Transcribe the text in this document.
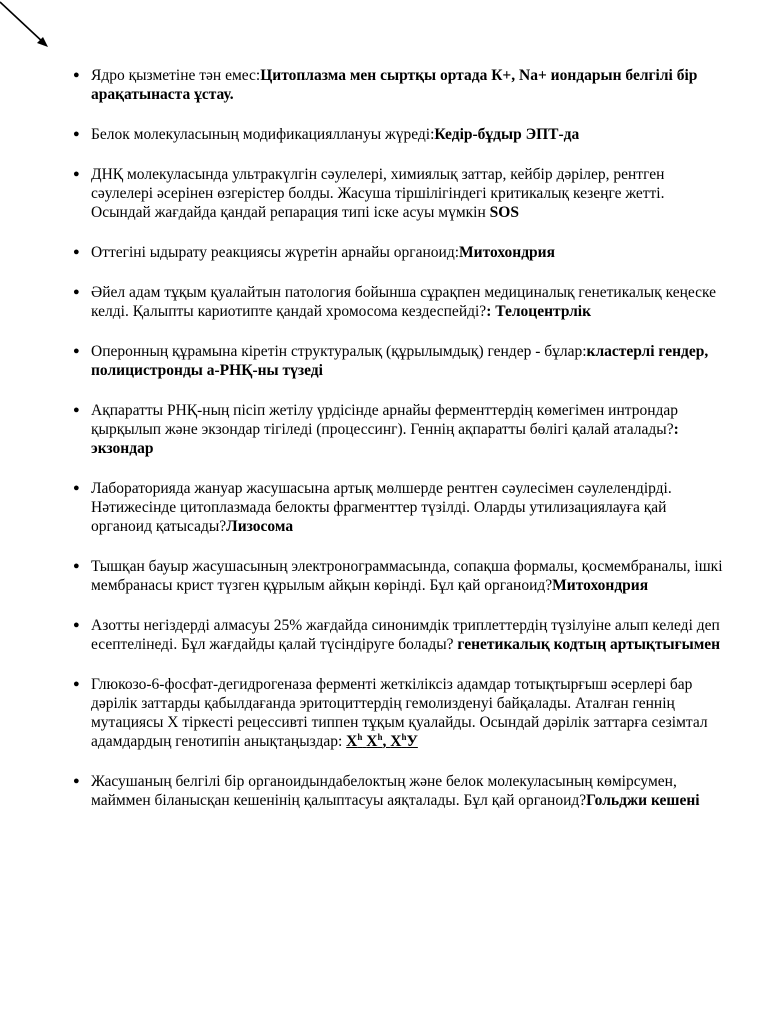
● Ядро қызметіне тән емес:Цитоплазма мен сыртқы ортада К+, Na+ иондарын белгілі бір арақатынаста ұстау.
● Белок молекуласының модификацияллануы жүреді:Кедір-бұдыр ЭПТ-да
● ДНҚ молекуласында ультракүлгін сәулелері, химиялық заттар, кейбір дәрілер, рентген сәулелері әсерінен өзгерістер болды. Жасуша тіршілігіндегі критикалық кезеңге жетті. Осындай жағдайда қандай репарация типі іске асуы мүмкін SOS
● Оттегіні ыдырату реакциясы жүретін арнайы органоид:Митохондрия
● Әйел адам тұқым қуалайтын патология бойынша сұрақпен медициналық генетикалық кеңеске келді. Қалыпты кариотипте қандай хромосома кездеспейді?: Телоцентрлік
● Оперонның құрамына кіретін структуралық (құрылымдық) гендер - бұлар:кластерлі гендер, полицистронды а-РНҚ-ны түзеді
● Ақпаратты РНҚ-ның пісіп жетілу үрдісінде арнайы ферменттердің көмегімен интрондар қырқылып және экзондар тігіледі (процессинг). Геннің ақпаратты бөлігі қалай аталады?: экзондар
● Лабораторияда жануар жасушасына артық мөлшерде рентген сәулесімен сәулелендірді. Нәтижесінде цитоплазмада белокты фрагменттер түзілді. Оларды утилизациялауға қай органоид қатысады?Лизосома
● Тышқан бауыр жасушасының электронограммасында, сопақша формалы, қосмембраналы, ішкі мембранасы крист түзген құрылым айқын көрінді. Бұл қай органоид?Митохондрия
● Азотты негіздерді алмасуы 25% жағдайда синонимдік триплеттердің түзілуіне алып келеді деп есептелінеді. Бұл жағдайды қалай түсіндіруге болады? генетикалық кодтың артықтығымен
● Глюкозо-6-фосфат-дегидрогеназа ферменті жеткіліксіз адамдар тотықтырғыш әсерлері бар дәрілік заттарды қабылдағанда эритоциттердің гемолизденуі байқалады. Аталған геннің мутациясы Х тіркесті рецессивті типпен тұқым қуалайды. Осындай дәрілік заттарға сезімтал адамдардың генотипін анықтаңыздар: $X^h$ $X^h$, $X^hУ$
● Жасушаның белгілі бір органоидындабелоктың және белок молекуласының көмірсумен, майммен біланысқан кешенінің қалыптасуы аяқталады. Бұл қай органоид?Гольджи кешені
